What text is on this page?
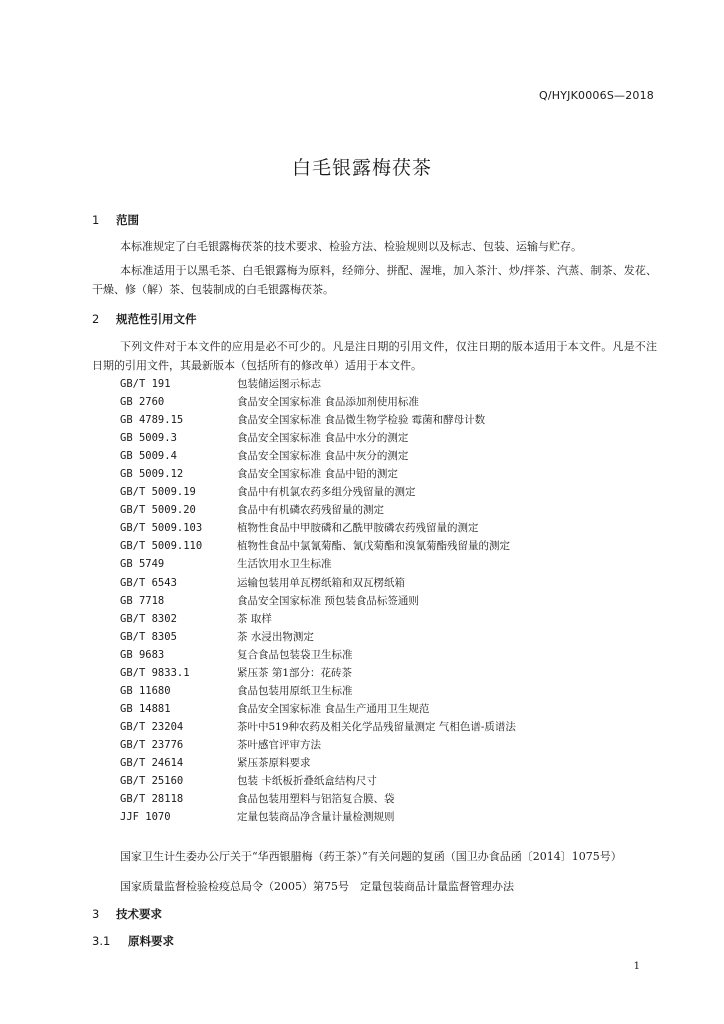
Q/HYJK0006S—2018
白毛银露梅茯茶
1 范围
本标准规定了白毛银露梅茯茶的技术要求、检验方法、检验规则以及标志、包装、运输与贮存。
本标准适用于以黑毛茶、白毛银露梅为原料，经筛分、拼配、渥堆，加入茶汁、炒/拌茶、汽蒸、制茶、发花、干燥、修（解）茶、包装制成的白毛银露梅茯茶。
2 规范性引用文件
下列文件对于本文件的应用是必不可少的。凡是注日期的引用文件，仅注日期的版本适用于本文件。凡是不注日期的引用文件，其最新版本（包括所有的修改单）适用于本文件。
GB/T 191	包装储运图示标志
GB 2760	食品安全国家标准 食品添加剂使用标准
GB 4789.15	食品安全国家标准 食品微生物学检验 霉菌和酵母计数
GB 5009.3	食品安全国家标准 食品中水分的测定
GB 5009.4	食品安全国家标准 食品中灰分的测定
GB 5009.12	食品安全国家标准 食品中铅的测定
GB/T 5009.19	食品中有机氯农药多组分残留量的测定
GB/T 5009.20	食品中有机磷农药残留量的测定
GB/T 5009.103	植物性食品中甲胺磷和乙酰甲胺磷农药残留量的测定
GB/T 5009.110	植物性食品中氯氰菊酯、氰戊菊酯和溴氰菊酯残留量的测定
GB 5749	生活饮用水卫生标准
GB/T 6543	运输包装用单瓦楞纸箱和双瓦楞纸箱
GB 7718	食品安全国家标准 预包装食品标签通则
GB/T 8302	茶 取样
GB/T 8305	茶 水浸出物测定
GB 9683	复合食品包装袋卫生标准
GB/T 9833.1	紧压茶 第1部分：花砖茶
GB 11680	食品包装用原纸卫生标准
GB 14881	食品安全国家标准 食品生产通用卫生规范
GB/T 23204	茶叶中519种农药及相关化学品残留量测定 气相色谱-质谱法
GB/T 23776	茶叶感官评审方法
GB/T 24614	紧压茶原料要求
GB/T 25160	包装 卡纸板折叠纸盒结构尺寸
GB/T 28118	食品包装用塑料与铝箔复合膜、袋
JJF 1070	定量包装商品净含量计量检测规则
国家卫生计生委办公厅关于“华西银腊梅（药王茶）”有关问题的复函（国卫办食品函〔2014〕1075号）
国家质量监督检验检疫总局令（2005）第75号　定量包装商品计量监督管理办法
3 技术要求
3.1 原料要求
1
